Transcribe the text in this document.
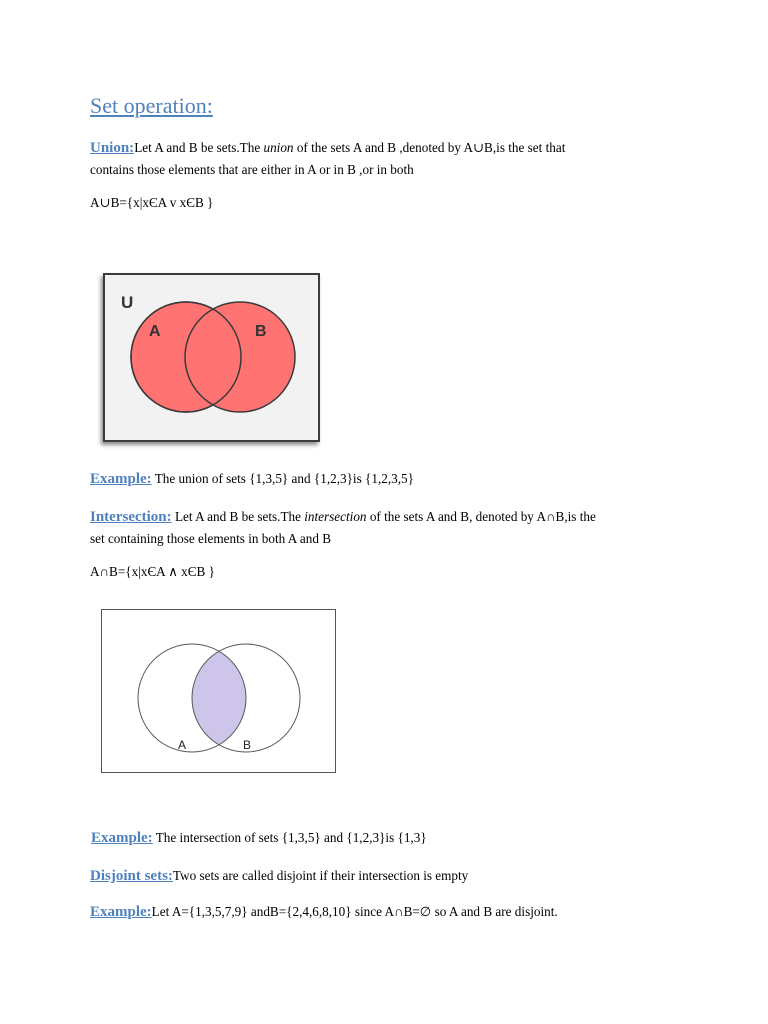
Set operation:
Union:Let A and B be sets.The union of the sets A and B ,denoted by A∪B,is the set that
contains those elements that are either in A or in B ,or in both
A∪B={x|xЄA v xЄB }
U
A	B
Example: The union of sets {1,3,5} and {1,2,3}is {1,2,3,5}
Intersection: Let A and B be sets.The intersection of the sets A and B, denoted by A∩B,is the
set containing those elements in both A and B
A∩B={x|xЄA ∧ xЄB }
A	B
Example: The intersection of sets {1,3,5} and {1,2,3}is {1,3}
Disjoint sets:Two sets are called disjoint if their intersection is empty
Example:Let A={1,3,5,7,9} andB={2,4,6,8,10} since A∩B=∅ so A and B are disjoint.
